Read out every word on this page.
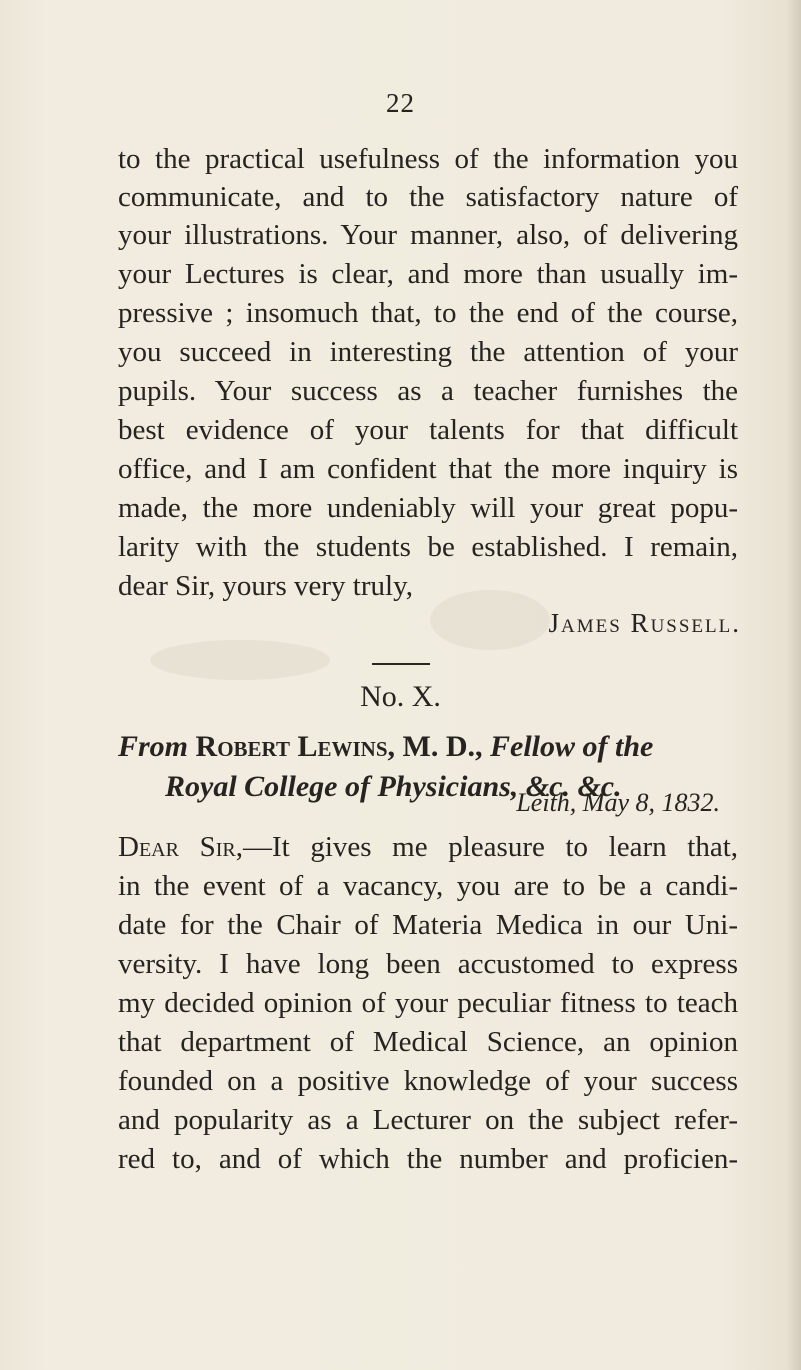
22
to the practical usefulness of the information you
communicate, and to the satisfactory nature of
your illustrations. Your manner, also, of delivering
your Lectures is clear, and more than usually im-
pressive ; insomuch that, to the end of the course,
you succeed in interesting the attention of your
pupils. Your success as a teacher furnishes the
best evidence of your talents for that difficult
office, and I am confident that the more inquiry is
made, the more undeniably will your great popu-
larity with the students be established. I remain,
dear Sir, yours very truly,
James Russell.
No. X.
From Robert Lewins, M. D., Fellow of the
Royal College of Physicians, &c. &c.
Leith, May 8, 1832.
Dear Sir,—It gives me pleasure to learn that,
in the event of a vacancy, you are to be a candi-
date for the Chair of Materia Medica in our Uni-
versity. I have long been accustomed to express
my decided opinion of your peculiar fitness to teach
that department of Medical Science, an opinion
founded on a positive knowledge of your success
and popularity as a Lecturer on the subject refer-
red to, and of which the number and proficien-
